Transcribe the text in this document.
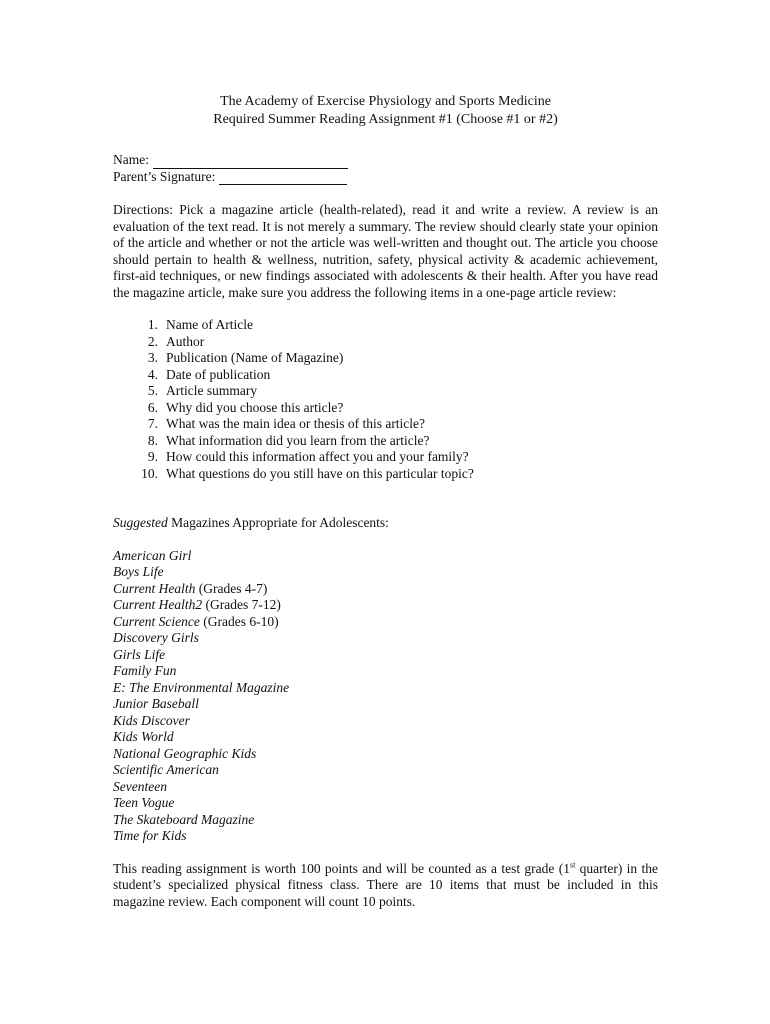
The Academy of Exercise Physiology and Sports Medicine
Required Summer Reading Assignment #1 (Choose #1 or #2)
Name:
Parent’s Signature:
Directions: Pick a magazine article (health-related), read it and write a review. A review is an evaluation of the text read. It is not merely a summary. The review should clearly state your opinion of the article and whether or not the article was well-written and thought out. The article you choose should pertain to health & wellness, nutrition, safety, physical activity & academic achievement, first-aid techniques, or new findings associated with adolescents & their health. After you have read the magazine article, make sure you address the following items in a one-page article review:
1. Name of Article
2. Author
3. Publication (Name of Magazine)
4. Date of publication
5. Article summary
6. Why did you choose this article?
7. What was the main idea or thesis of this article?
8. What information did you learn from the article?
9. How could this information affect you and your family?
10. What questions do you still have on this particular topic?
Suggested Magazines Appropriate for Adolescents:
American Girl
Boys Life
Current Health (Grades 4-7)
Current Health2 (Grades 7-12)
Current Science (Grades 6-10)
Discovery Girls
Girls Life
Family Fun
E: The Environmental Magazine
Junior Baseball
Kids Discover
Kids World
National Geographic Kids
Scientific American
Seventeen
Teen Vogue
The Skateboard Magazine
Time for Kids
This reading assignment is worth 100 points and will be counted as a test grade (1st quarter) in the student’s specialized physical fitness class. There are 10 items that must be included in this magazine review. Each component will count 10 points.
